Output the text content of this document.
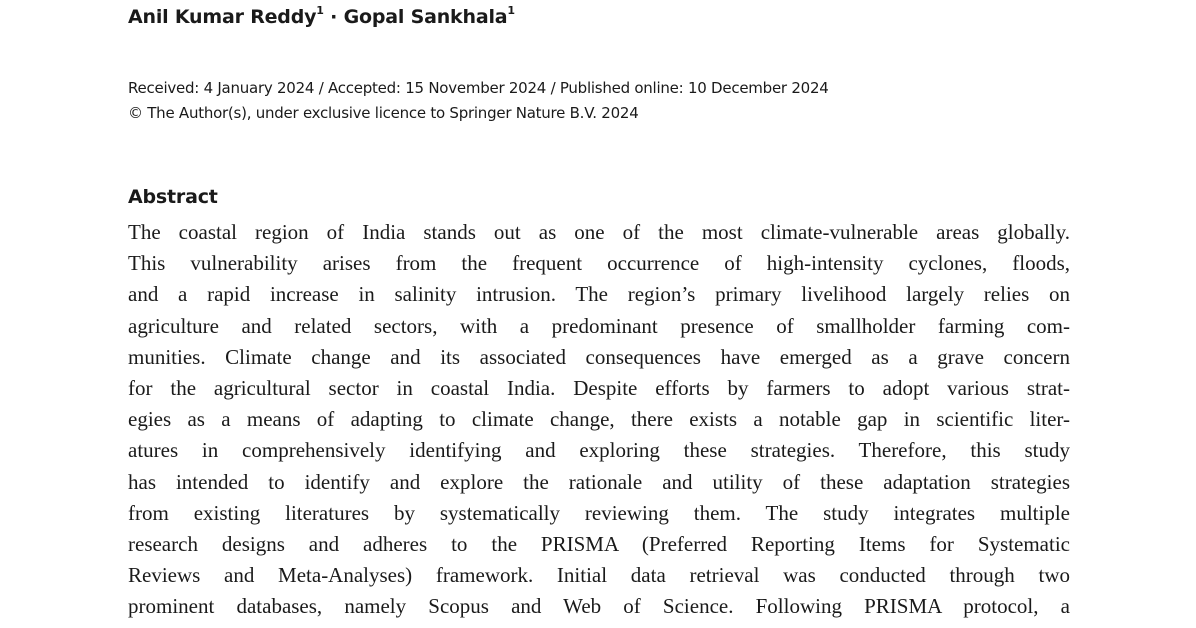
Anil Kumar Reddy$^1$ · Gopal Sankhala$^1$
Received: 4 January 2024 / Accepted: 15 November 2024 / Published online: 10 December 2024
© The Author(s), under exclusive licence to Springer Nature B.V. 2024
Abstract
The coastal region of India stands out as one of the most climate-vulnerable areas globally.
This vulnerability arises from the frequent occurrence of high-intensity cyclones, floods,
and a rapid increase in salinity intrusion. The region’s primary livelihood largely relies on
agriculture and related sectors, with a predominant presence of smallholder farming com-
munities. Climate change and its associated consequences have emerged as a grave concern
for the agricultural sector in coastal India. Despite efforts by farmers to adopt various strat-
egies as a means of adapting to climate change, there exists a notable gap in scientific liter-
atures in comprehensively identifying and exploring these strategies. Therefore, this study
has intended to identify and explore the rationale and utility of these adaptation strategies
from existing literatures by systematically reviewing them. The study integrates multiple
research designs and adheres to the PRISMA (Preferred Reporting Items for Systematic
Reviews and Meta-Analyses) framework. Initial data retrieval was conducted through two
prominent databases, namely Scopus and Web of Science. Following PRISMA protocol, a
